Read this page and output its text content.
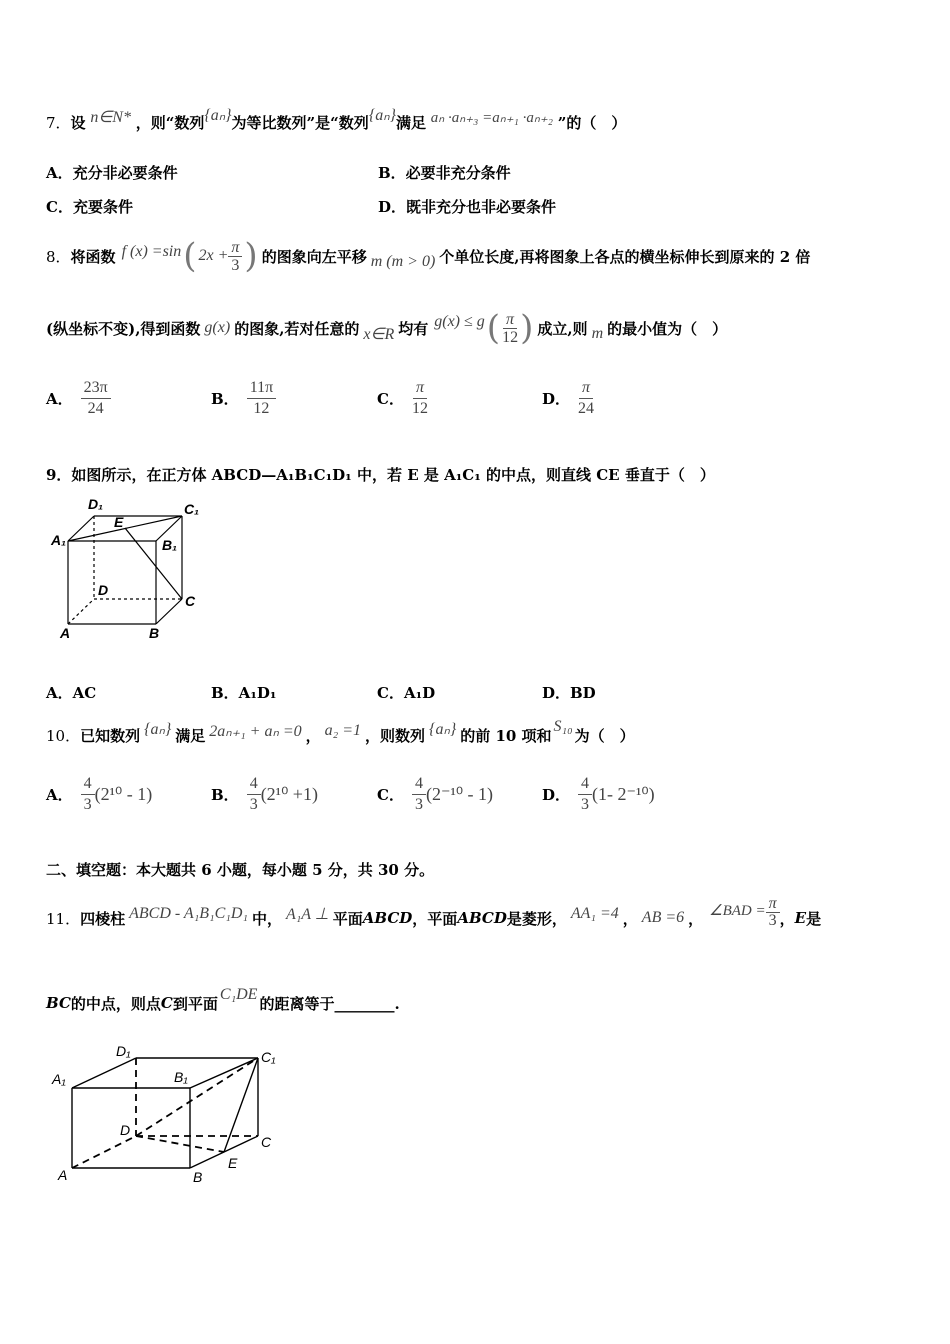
7．设 n∈N* ，则“数列{aₙ}为等比数列”是“数列{aₙ}满足 aₙ ·aₙ₊₃ =aₙ₊₁ ·aₙ₊₂ ”的（　）
A．充分非必要条件	B．必要非充分条件
C．充要条件	D．既非充分也非必要条件
8． 将函数 f (x) =sin ( $2x + \frac{\pi}{3}$ ) 的图象向左平移 m (m > 0) 个单位长度,再将图象上各点的横坐标伸长到原来的 2 倍
(纵坐标不变),得到函数 g(x) 的图象,若对任意的 x∈R 均有 g(x) ≤ g ( $\frac{\pi}{12}$ ) 成立,则 m 的最小值为（　）
A． $\frac{23\pi}{24}$	B． $\frac{11\pi}{12}$	C． $\frac{\pi}{12}$	D． $\frac{\pi}{24}$
9．如图所示，在正方体 ABCD—A₁B₁C₁D₁ 中，若 E 是 A₁C₁ 的中点，则直线 CE 垂直于（　）
D₁	C₁
A₁	B₁
E
D
C
A	B
A．AC	B．A₁D₁	C．A₁D	D．BD
10． 已知数列 {aₙ} 满足 2aₙ₊₁ + aₙ =0 ， a₂ =1 ，则数列 {aₙ} 的前 10 项和 S₁₀ 为（　）
A． $\frac{4}{3} (2^{10} - 1)$	B． $\frac{4}{3} (2^{10} +1)$	C． $\frac{4}{3} (2^{-10} - 1)$	D． $\frac{4}{3} (1-$ 2⁻¹⁰)
二、填空题：本大题共 6 小题，每小题 5 分，共 30 分。
11． 四棱柱 ABCD - A₁B₁C₁D₁ 中， A₁A ⊥ 平面 ABCD ，平面 ABCD 是菱形， AA₁ =4 ， AB =6 ， ∠BAD = $\frac{\pi}{3}$ ， E 是
BC 的中点，则点 C 到平面 C₁DE 的距离等于________.
D₁	C₁
A₁	B₁
D
C
A	B
E
